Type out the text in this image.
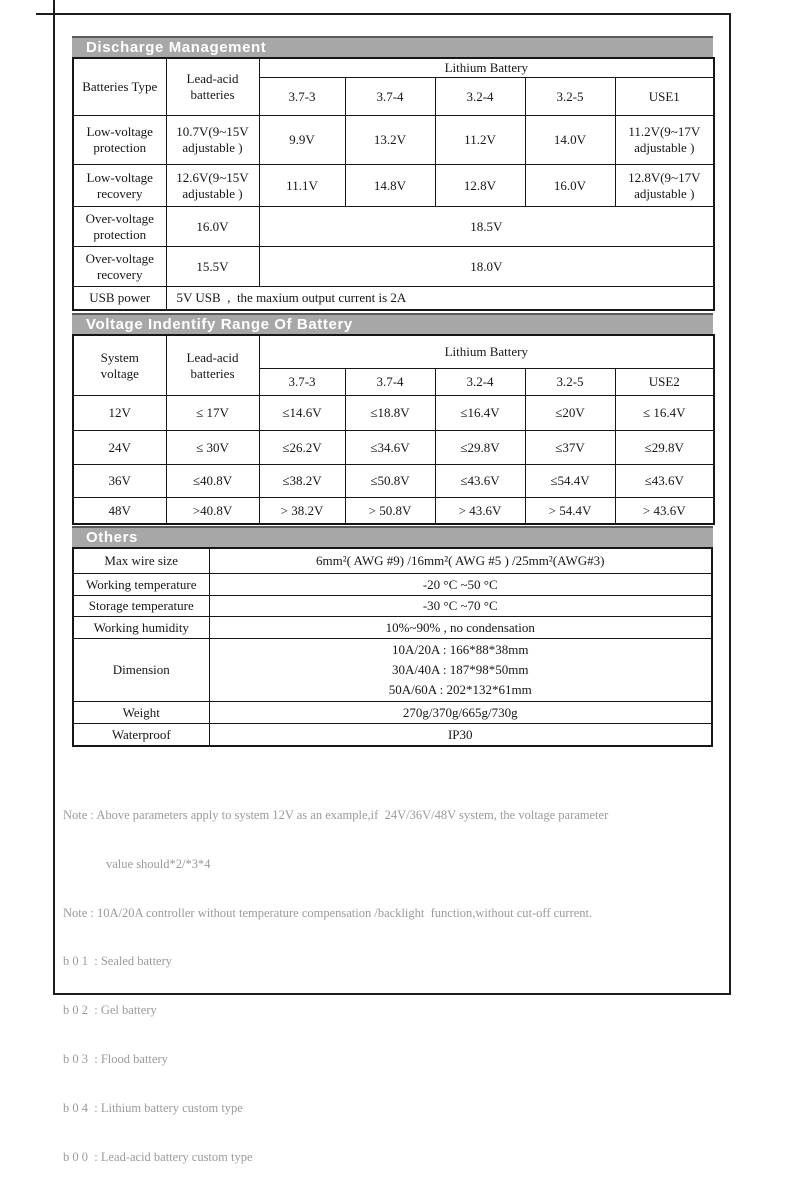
Discharge Management
Batteries Type	Lead-acid batteries	Lithium Battery				
		3.7-3	3.7-4	3.2-4	3.2-5	USE1
Low-voltage protection	10.7V(9~15V adjustable )	9.9V	13.2V	11.2V	14.0V	11.2V(9~17V adjustable )
Low-voltage recovery	12.6V(9~15V adjustable )	11.1V	14.8V	12.8V	16.0V	12.8V(9~17V adjustable )
Over-voltage protection	16.0V	18.5V				
Over-voltage recovery	15.5V	18.0V				
USB power	5V USB  ,  the maxium output current is 2A					
Voltage Indentify Range Of Battery
System voltage	Lead-acid batteries	Lithium Battery				
		3.7-3	3.7-4	3.2-4	3.2-5	USE2
12V	≤ 17V	≤14.6V	≤18.8V	≤16.4V	≤20V	≤ 16.4V
24V	≤ 30V	≤26.2V	≤34.6V	≤29.8V	≤37V	≤29.8V
36V	≤40.8V	≤38.2V	≤50.8V	≤43.6V	≤54.4V	≤43.6V
48V	>40.8V	> 38.2V	> 50.8V	> 43.6V	> 54.4V	> 43.6V
Others
Max wire size	6mm²( AWG #9) /16mm²( AWG #5 ) /25mm²(AWG#3)
Working temperature	-20 °C ~50 °C
Storage temperature	-30 °C ~70 °C
Working humidity	10%~90% , no condensation
Dimension	10A/20A : 166*88*38mm
30A/40A : 187*98*50mm
50A/60A : 202*132*61mm

Weight	270g/370g/665g/730g
Waterproof	IP30

Note : Above parameters apply to system 12V as an example,if  24V/36V/48V system, the voltage parameter

value should*2/*3*4

Note : 10A/20A controller without temperature compensation /backlight  function,without cut-off current.

b 0 1  : Sealed battery

b 0 2  : Gel battery

b 0 3  : Flood battery

b 0 4  : Lithium battery custom type

b 0 0  : Lead-acid battery custom type
